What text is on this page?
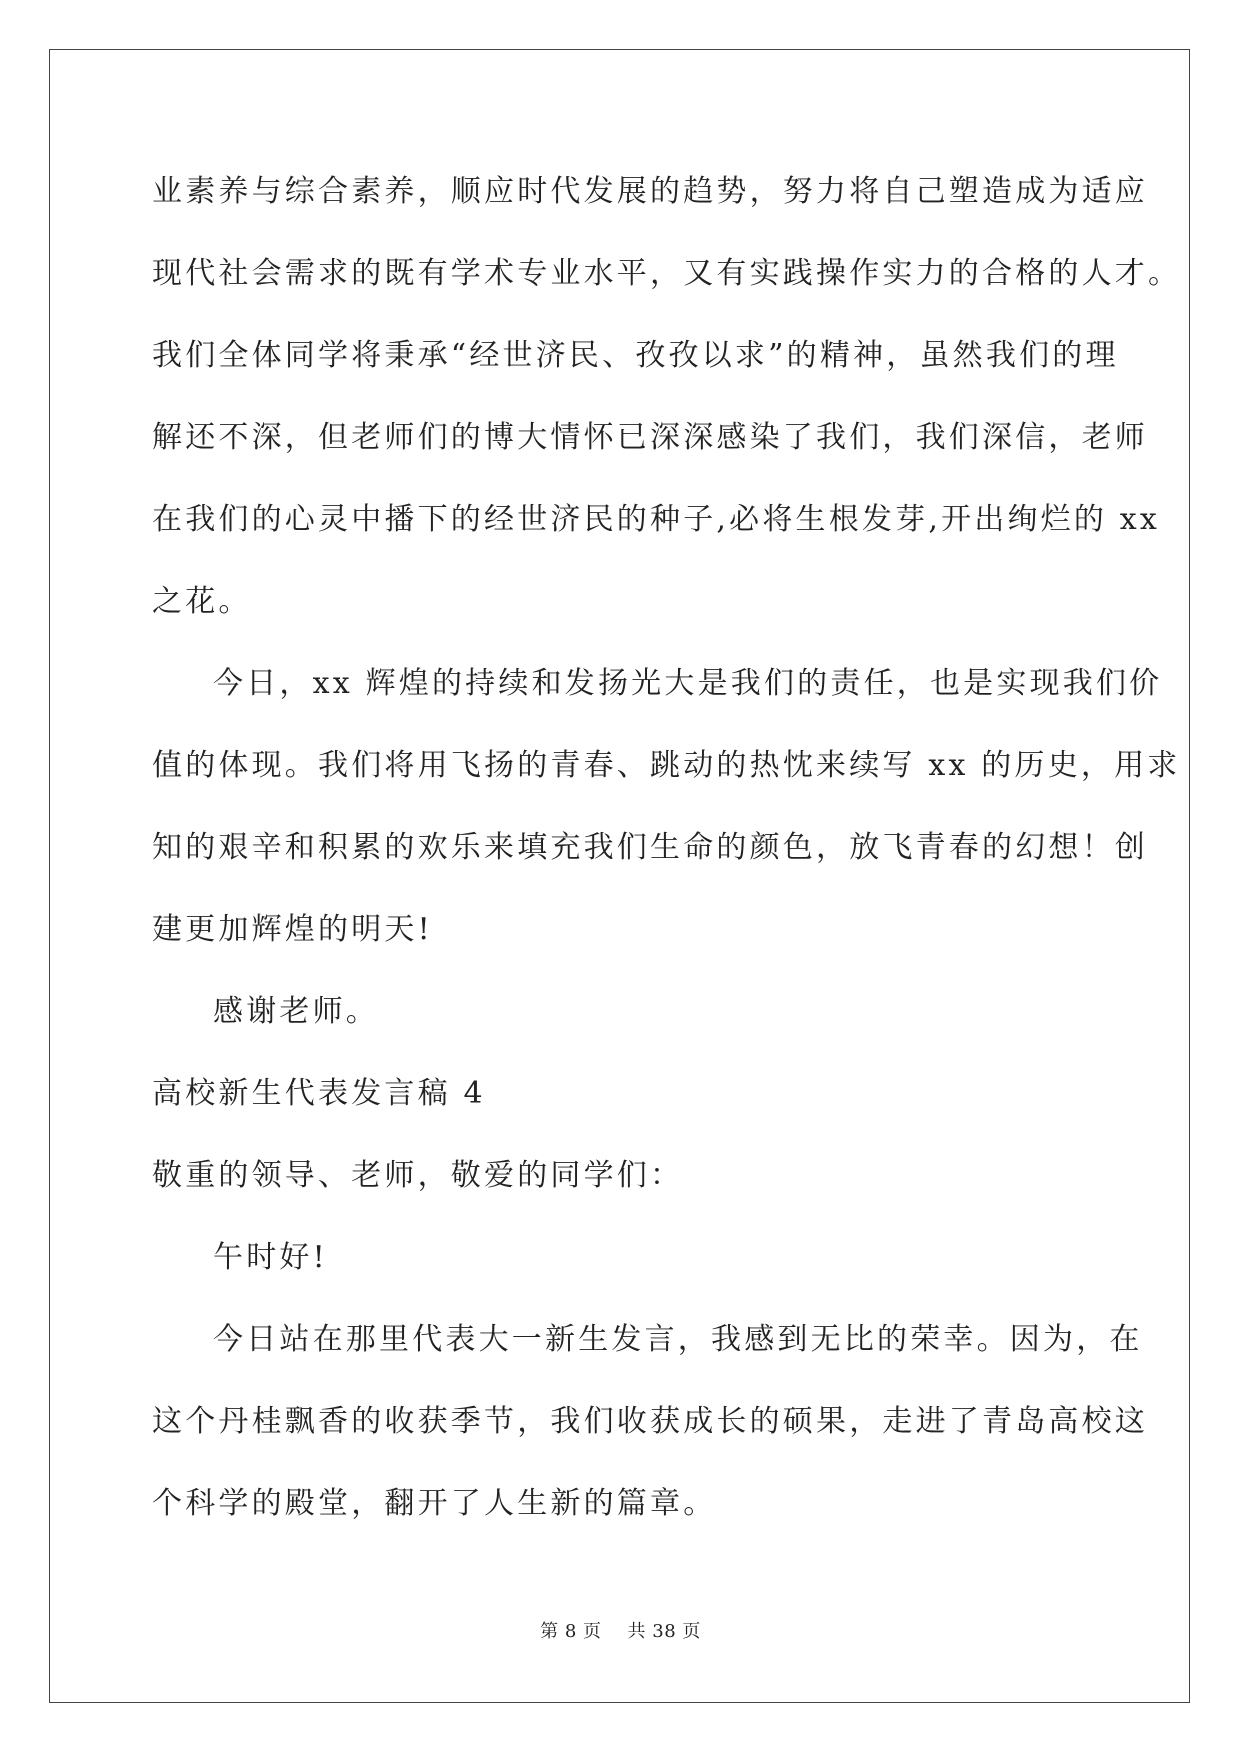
业素养与综合素养，顺应时代发展的趋势，努力将自己塑造成为适应
现代社会需求的既有学术专业水平，又有实践操作实力的合格的人才。
我们全体同学将秉承“经世济民、孜孜以求”的精神，虽然我们的理
解还不深，但老师们的博大情怀已深深感染了我们，我们深信，老师
在我们的心灵中播下的经世济民的种子,必将生根发芽,开出绚烂的 xx
之花。
今日，xx 辉煌的持续和发扬光大是我们的责任，也是实现我们价
值的体现。我们将用飞扬的青春、跳动的热忱来续写 xx 的历史，用求
知的艰辛和积累的欢乐来填充我们生命的颜色，放飞青春的幻想！创
建更加辉煌的明天!
感谢老师。
高校新生代表发言稿 4
敬重的领导、老师，敬爱的同学们：
午时好!
今日站在那里代表大一新生发言，我感到无比的荣幸。因为，在
这个丹桂飘香的收获季节，我们收获成长的硕果，走进了青岛高校这
个科学的殿堂，翻开了人生新的篇章。
第 8 页 共 38 页
